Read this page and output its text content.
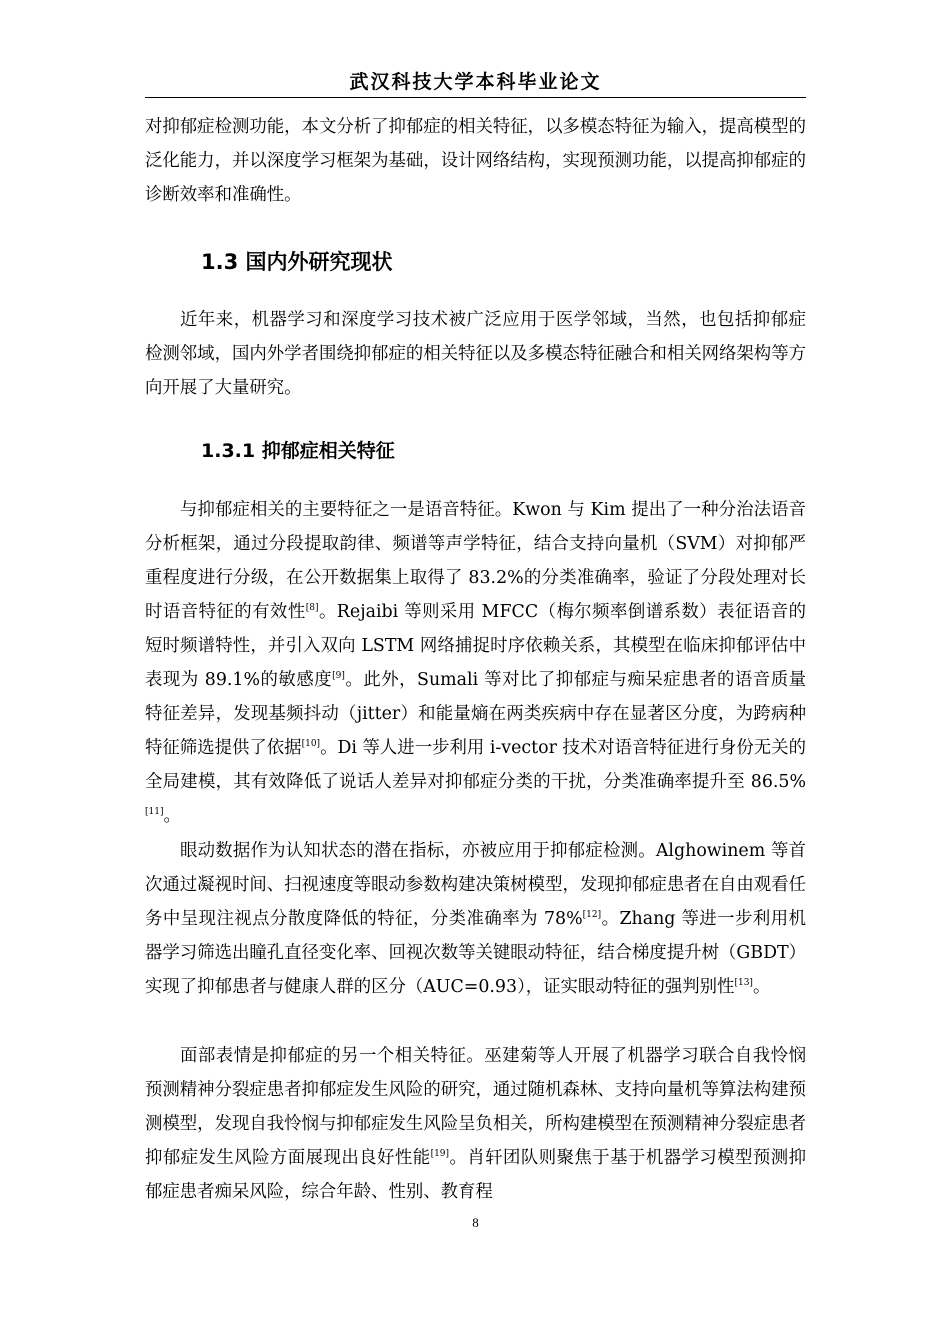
武汉科技大学本科毕业论文

对抑郁症检测功能，本文分析了抑郁症的相关特征，以多模态特征为输入，提高模型的泛化能力，并以深度学习框架为基础，设计网络结构，实现预测功能，以提高抑郁症的诊断效率和准确性。

1.3 国内外研究现状

近年来，机器学习和深度学习技术被广泛应用于医学邻域，当然，也包括抑郁症检测邻域，国内外学者围绕抑郁症的相关特征以及多模态特征融合和相关网络架构等方向开展了大量研究。

1.3.1 抑郁症相关特征

与抑郁症相关的主要特征之一是语音特征。Kwon 与 Kim 提出了一种分治法语音分析框架，通过分段提取韵律、频谱等声学特征，结合支持向量机（SVM）对抑郁严重程度进行分级，在公开数据集上取得了 83.2%的分类准确率，验证了分段处理对长时语音特征的有效性[8]。Rejaibi 等则采用 MFCC（梅尔频率倒谱系数）表征语音的短时频谱特性，并引入双向 LSTM 网络捕捉时序依赖关系，其模型在临床抑郁评估中表现为 89.1%的敏感度[9]。此外，Sumali 等对比了抑郁症与痴呆症患者的语音质量特征差异，发现基频抖动（jitter）和能量熵在两类疾病中存在显著区分度，为跨病种特征筛选提供了依据[10]。Di 等人进一步利用 i-vector 技术对语音特征进行身份无关的全局建模，其有效降低了说话人差异对抑郁症分类的干扰，分类准确率提升至 86.5%[11]。

眼动数据作为认知状态的潜在指标，亦被应用于抑郁症检测。Alghowinem 等首次通过凝视时间、扫视速度等眼动参数构建决策树模型，发现抑郁症患者在自由观看任务中呈现注视点分散度降低的特征，分类准确率为 78%[12]。Zhang 等进一步利用机器学习筛选出瞳孔直径变化率、回视次数等关键眼动特征，结合梯度提升树（GBDT）实现了抑郁患者与健康人群的区分（AUC=0.93），证实眼动特征的强判别性[13]。

面部表情是抑郁症的另一个相关特征。巫建菊等人开展了机器学习联合自我怜悯预测精神分裂症患者抑郁症发生风险的研究，通过随机森林、支持向量机等算法构建预测模型，发现自我怜悯与抑郁症发生风险呈负相关，所构建模型在预测精神分裂症患者抑郁症发生风险方面展现出良好性能[19]。肖轩团队则聚焦于基于机器学习模型预测抑郁症患者痴呆风险，综合年龄、性别、教育程

8
